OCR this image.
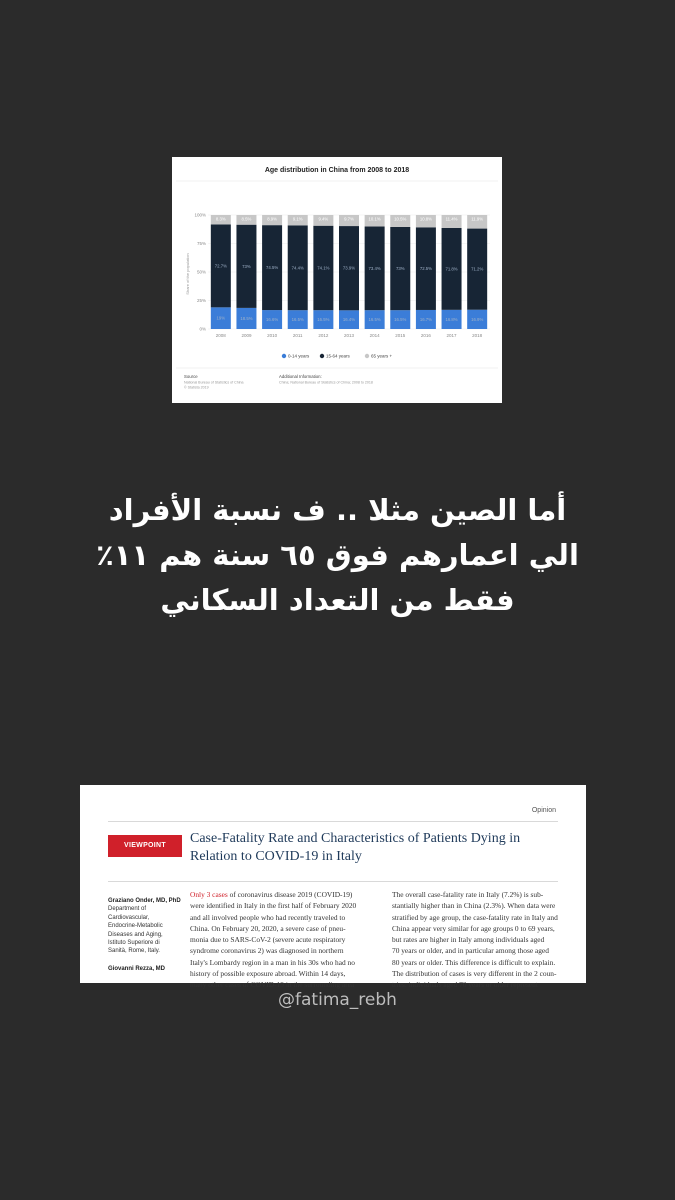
Age distribution in China from 2008 to 2018
Share of the population
0%
25%
50%
75%
100%
19%
72.7%
8.3%
18.5%
73%
8.5%
16.6%
74.5%
8.9%
16.5%
74.4%
9.1%
16.5%
74.1%
9.4%
16.4%
73.9%
9.7%
16.5%
73.4%
10.1%
16.5%
73%
10.5%
16.7%
72.5%
10.8%
16.8%
71.8%
11.4%
16.9%
71.2%
11.9%
2008	2009	2010	2011	2012	2013	2014	2015	2016	2017	2018
0-14 years	15-64 years	65 years +
Source
National Bureau of Statistics of China
© Statista 2019
Additional Information:
China; National Bureau of Statistics of China; 2008 to 2018
أما الصين مثلا .. ف نسبة الأفراد
الي اعمارهم فوق ٦٥ سنة هم ١١٪
فقط من التعداد السكاني
Opinion
VIEWPOINT	Case-Fatality Rate and Characteristics of Patients Dying in
Relation to COVID-19 in Italy
Graziano Onder, MD, PhD
Department of
Cardiovascular,
Endocrine-Metabolic
Diseases and Aging,
Istituto Superiore di
Sanità, Rome, Italy.
Giovanni Rezza, MD
Only 3 cases of coronavirus disease 2019 (COVID-19)
were identified in Italy in the first half of February 2020
and all involved people who had recently traveled to
China. On February 20, 2020, a severe case of pneu-
monia due to SARS-CoV-2 (severe acute respiratory
syndrome coronavirus 2) was diagnosed in northern
Italy's Lombardy region in a man in his 30s who had no
history of possible exposure abroad. Within 14 days,
many other cases of COVID-19 in the surrounding area
The overall case-fatality rate in Italy (7.2%) is sub-
stantially higher than in China (2.3%). When data were
stratified by age group, the case-fatality rate in Italy and
China appear very similar for age groups 0 to 69 years,
but rates are higher in Italy among individuals aged
70 years or older, and in particular among those aged
80 years or older. This difference is difficult to explain.
The distribution of cases is very different in the 2 coun-
tries: individuals aged 70 years or older represent
@fatima_rebh
